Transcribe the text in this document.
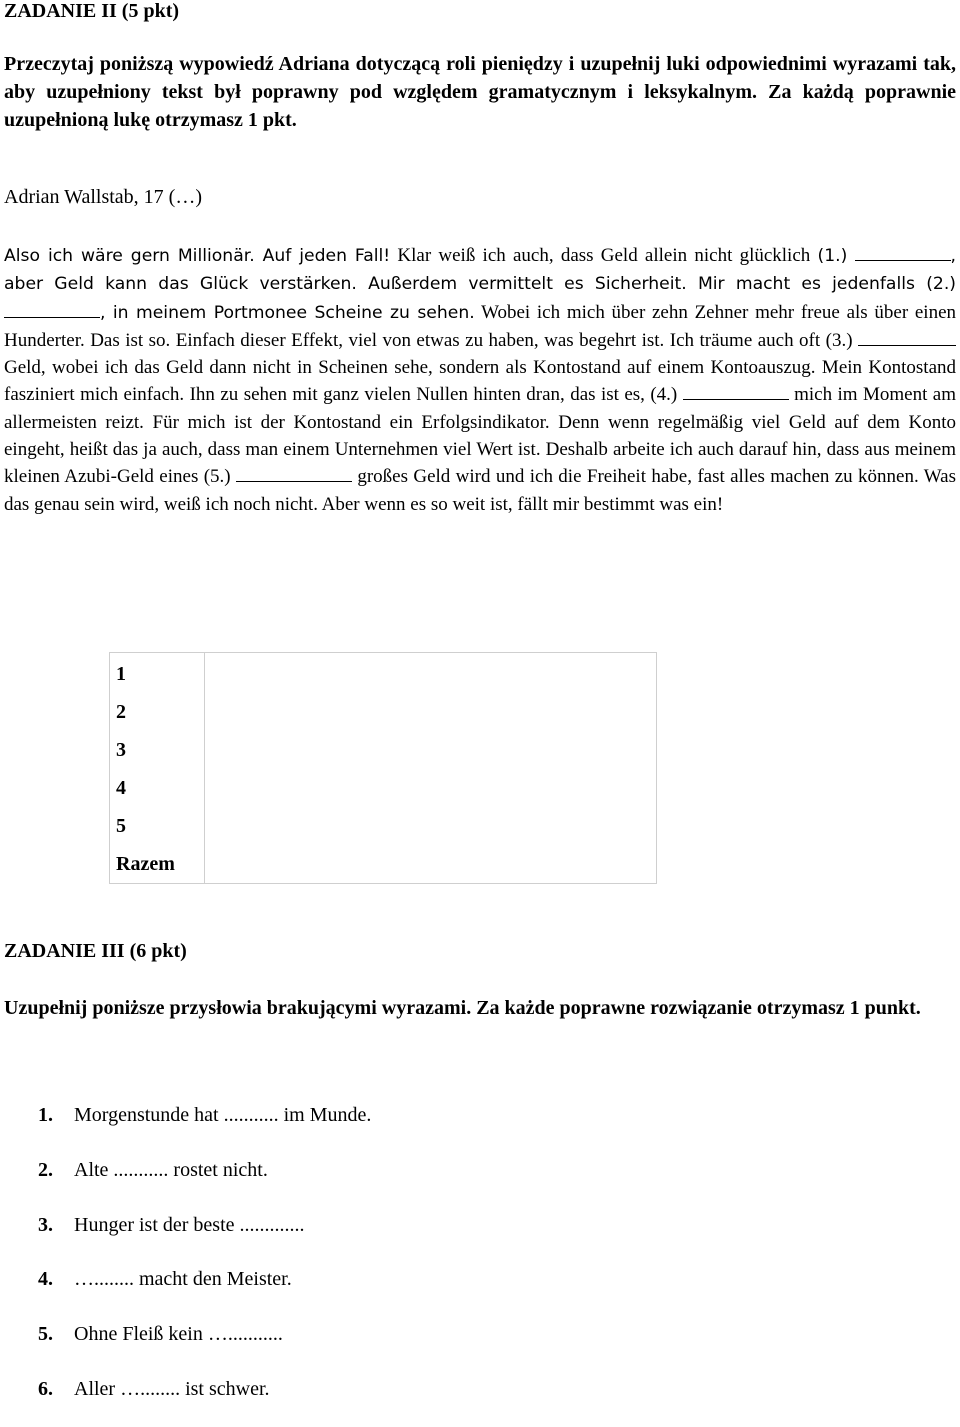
ZADANIE II (5 pkt)
Przeczytaj poniższą wypowiedź Adriana dotyczącą roli pieniędzy i uzupełnij luki odpowiednimi wyrazami tak, aby uzupełniony tekst był poprawny pod względem gramatycznym i leksykalnym. Za każdą poprawnie uzupełnioną lukę otrzymasz 1 pkt.
Adrian Wallstab, 17 (…)
Also ich wäre gern Millionär. Auf jeden Fall! Klar weiß ich auch, dass Geld allein nicht glücklich (1.)	, aber Geld kann das Glück verstärken. Außerdem vermittelt es Sicherheit. Mir macht es jedenfalls (2.) , in meinem Portmonee Scheine zu sehen. Wobei ich mich über zehn Zehner mehr freue als über einen Hunderter. Das ist so. Einfach dieser Effekt, viel von etwas zu haben, was begehrt ist. Ich träume auch oft (3.)  Geld, wobei ich das Geld dann nicht in Scheinen sehe, sondern als Kontostand auf einem Kontoauszug. Mein Kontostand fasziniert mich einfach. Ihn zu sehen mit ganz vielen Nullen hinten dran, das ist es, (4.)	mich im Moment am allermeisten reizt. Für mich ist der Kontostand ein Erfolgsindikator. Denn wenn regelmäßig viel Geld auf dem Konto eingeht, heißt das ja auch, dass man einem Unternehmen viel Wert ist. Deshalb arbeite ich auch darauf hin, dass aus meinem kleinen Azubi-Geld eines (5.)	großes Geld wird und ich die Freiheit habe, fast alles machen zu können. Was das genau sein wird, weiß ich noch nicht. Aber wenn es so weit ist, fällt mir bestimmt was ein!
1
2
3
4
5
Razem

ZADANIE III (6 pkt)
Uzupełnij poniższe przysłowia brakującymi wyrazami. Za każde poprawne rozwiązanie otrzymasz 1 punkt.
1. Morgenstunde hat ........... im Munde.
2. Alte ........... rostet nicht.
3. Hunger ist der beste .............
4. …........ macht den Meister.
5. Ohne Fleiß kein …...........
6. Aller …........ ist schwer.
